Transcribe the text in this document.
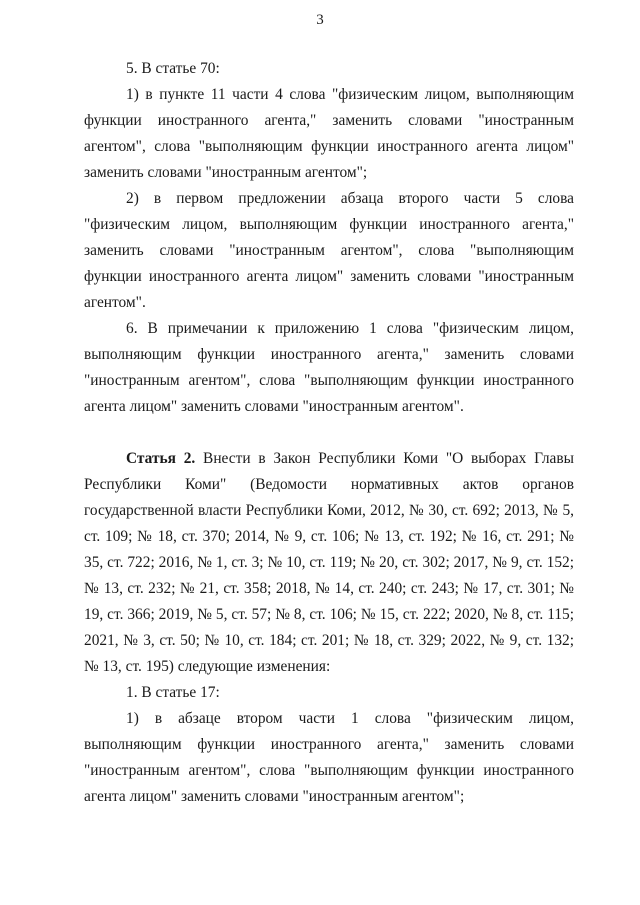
3

5. В статье 70:

1) в пункте 11 части 4 слова "физическим лицом, выполняющим функции иностранного агента," заменить словами "иностранным агентом", слова "выполняющим функции иностранного агента лицом" заменить словами "иностранным агентом";

2) в первом предложении абзаца второго части 5 слова "физическим лицом, выполняющим функции иностранного агента," заменить словами "иностранным агентом", слова "выполняющим функции иностранного агента лицом" заменить словами "иностранным агентом".

6. В примечании к приложению 1 слова "физическим лицом, выполняющим функции иностранного агента," заменить словами "иностранным агентом", слова "выполняющим функции иностранного агента лицом" заменить словами "иностранным агентом".

Статья 2. Внести в Закон Республики Коми "О выборах Главы Республики Коми" (Ведомости нормативных актов органов государственной власти Республики Коми, 2012, № 30, ст. 692; 2013, № 5, ст. 109; № 18, ст. 370; 2014, № 9, ст. 106; № 13, ст. 192; № 16, ст. 291; № 35, ст. 722; 2016, № 1, ст. 3; № 10, ст. 119; № 20, ст. 302; 2017, № 9, ст. 152; № 13, ст. 232; № 21, ст. 358; 2018, № 14, ст. 240; ст. 243; № 17, ст. 301; № 19, ст. 366; 2019, № 5, ст. 57; № 8, ст. 106; № 15, ст. 222; 2020, № 8, ст. 115; 2021, № 3, ст. 50; № 10, ст. 184; ст. 201; № 18, ст. 329; 2022, № 9, ст. 132; № 13, ст. 195) следующие изменения:

1. В статье 17:

1) в абзаце втором части 1 слова "физическим лицом, выполняющим функции иностранного агента," заменить словами "иностранным агентом", слова "выполняющим функции иностранного агента лицом" заменить словами "иностранным агентом";
